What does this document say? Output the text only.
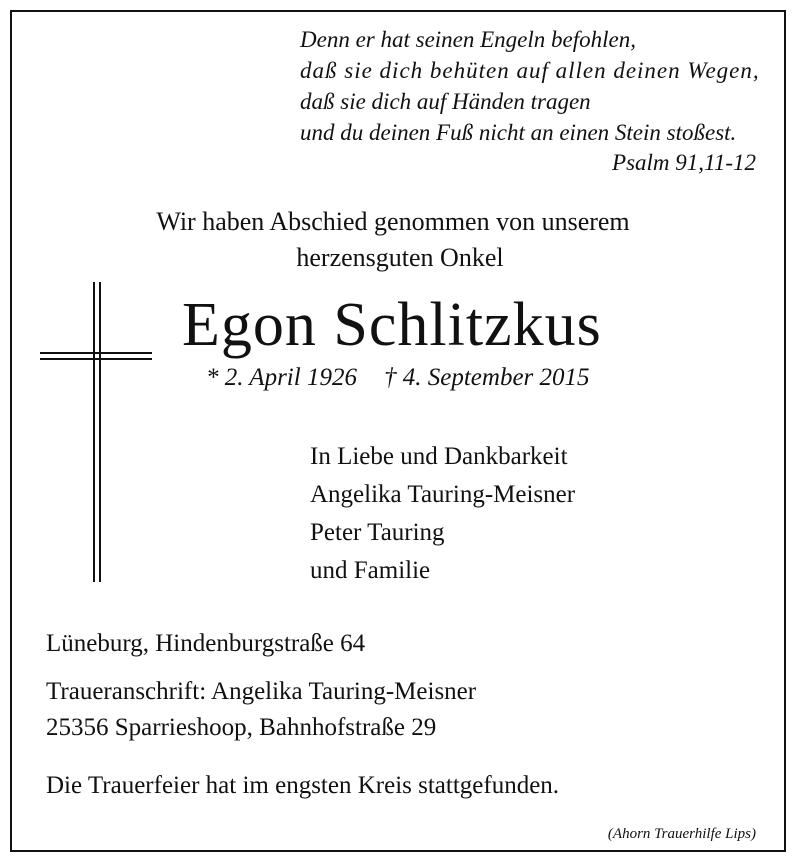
Denn er hat seinen Engeln befohlen,
daß sie dich behüten auf allen deinen Wegen,
daß sie dich auf Händen tragen
und du deinen Fuß nicht an einen Stein stoßest.
Psalm 91,11-12
Wir haben Abschied genommen von unserem
herzensguten Onkel
Egon Schlitzkus
* 2. April 1926 † 4. September 2015
In Liebe und Dankbarkeit
Angelika Tauring-Meisner
Peter Tauring
und Familie
Lüneburg, Hindenburgstraße 64
Traueranschrift: Angelika Tauring-Meisner
25356 Sparrieshoop, Bahnhofstraße 29
Die Trauerfeier hat im engsten Kreis stattgefunden.
(Ahorn Trauerhilfe Lips)
